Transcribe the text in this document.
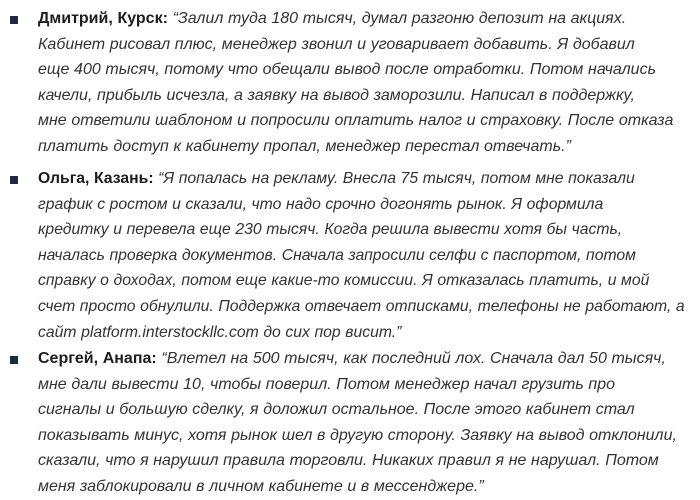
Дмитрий, Курск: “Залил туда 180 тысяч, думал разгоню депозит на акциях.
Кабинет рисовал плюс, менеджер звонил и уговаривает добавить. Я добавил
еще 400 тысяч, потому что обещали вывод после отработки. Потом начались
качели, прибыль исчезла, а заявку на вывод заморозили. Написал в поддержку,
мне ответили шаблоном и попросили оплатить налог и страховку. После отказа
платить доступ к кабинету пропал, менеджер перестал отвечать.”
Ольга, Казань: “Я попалась на рекламу. Внесла 75 тысяч, потом мне показали
график с ростом и сказали, что надо срочно догонять рынок. Я оформила
кредитку и перевела еще 230 тысяч. Когда решила вывести хотя бы часть,
началась проверка документов. Сначала запросили селфи с паспортом, потом
справку о доходах, потом еще какие-то комиссии. Я отказалась платить, и мой
счет просто обнулили. Поддержка отвечает отписками, телефоны не работают, а
сайт platform.interstockllc.com до сих пор висит.”
Сергей, Анапа: “Влетел на 500 тысяч, как последний лох. Сначала дал 50 тысяч,
мне дали вывести 10, чтобы поверил. Потом менеджер начал грузить про
сигналы и большую сделку, я доложил остальное. После этого кабинет стал
показывать минус, хотя рынок шел в другую сторону. Заявку на вывод отклонили,
сказали, что я нарушил правила торговли. Никаких правил я не нарушал. Потом
меня заблокировали в личном кабинете и в мессенджере.”
